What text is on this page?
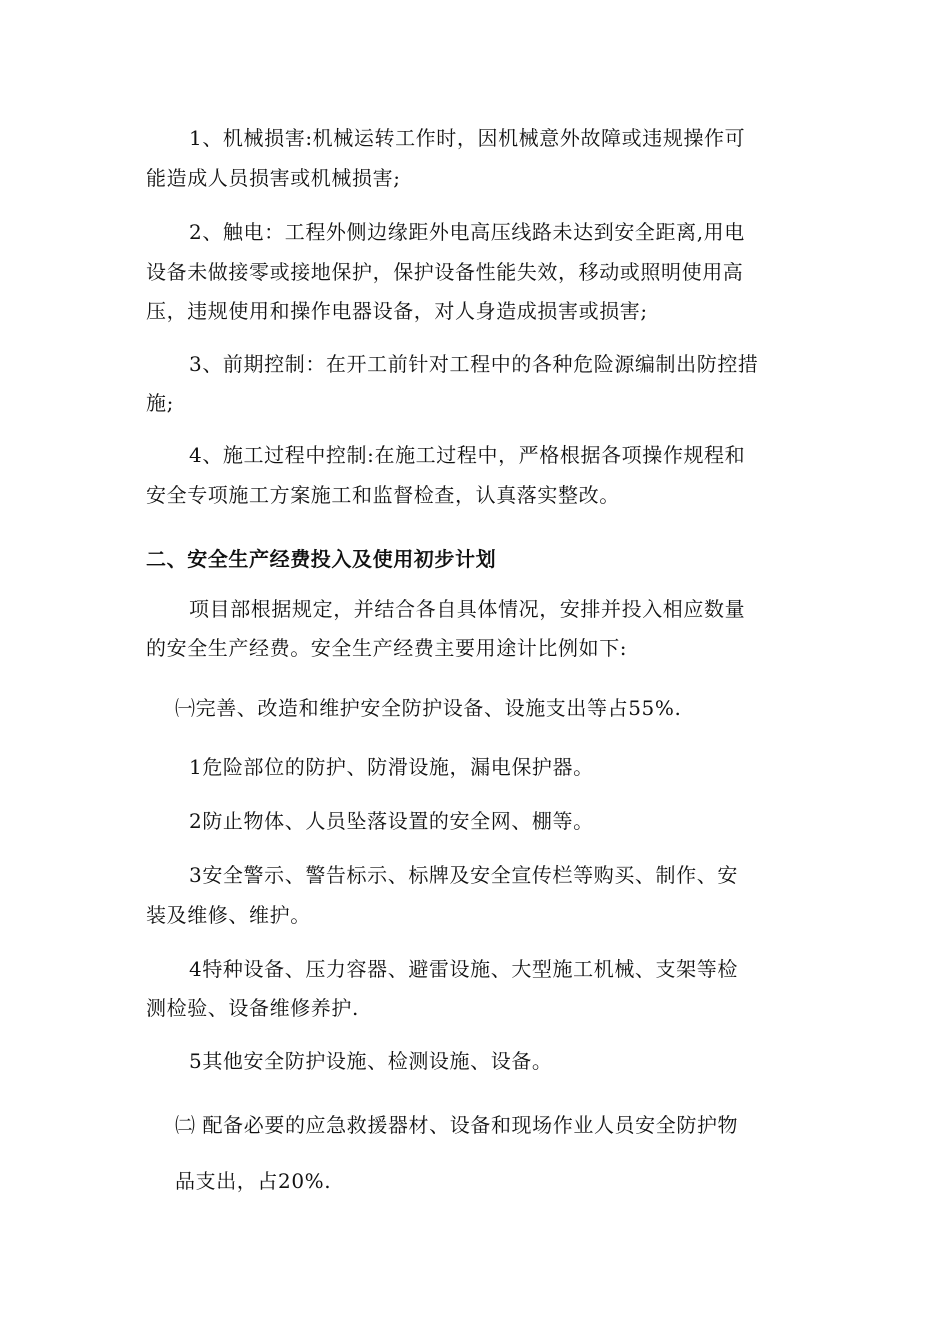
1、机械损害:机械运转工作时，因机械意外故障或违规操作可
能造成人员损害或机械损害;
2、触电：工程外侧边缘距外电高压线路未达到安全距离,用电
设备未做接零或接地保护，保护设备性能失效，移动或照明使用高
压，违规使用和操作电器设备，对人身造成损害或损害;
3、前期控制：在开工前针对工程中的各种危险源编制出防控措
施;
4、施工过程中控制:在施工过程中，严格根据各项操作规程和
安全专项施工方案施工和监督检查，认真落实整改。
二、安全生产经费投入及使用初步计划
项目部根据规定，并结合各自具体情况，安排并投入相应数量
的安全生产经费。安全生产经费主要用途计比例如下:
㈠完善、改造和维护安全防护设备、设施支出等占55%.
1危险部位的防护、防滑设施，漏电保护器。
2防止物体、人员坠落设置的安全网、棚等。
3安全警示、警告标示、标牌及安全宣传栏等购买、制作、安
装及维修、维护。
4特种设备、压力容器、避雷设施、大型施工机械、支架等检
测检验、设备维修养护.
5其他安全防护设施、检测设施、设备。
㈡ 配备必要的应急救援器材、设备和现场作业人员安全防护物
品支出，占20%.
